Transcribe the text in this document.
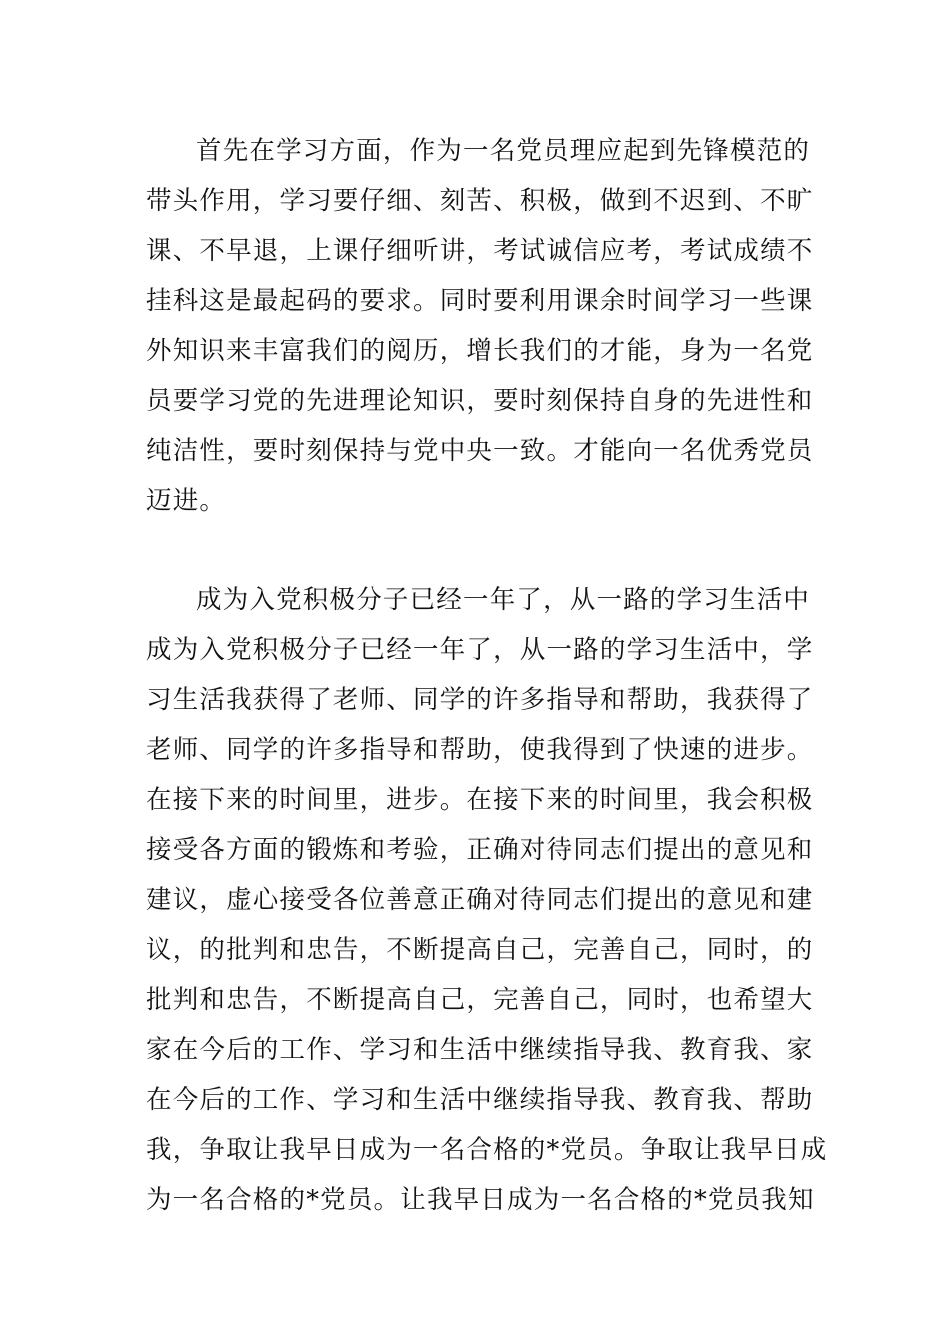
首先在学习方面，作为一名党员理应起到先锋模范的
带头作用，学习要仔细、刻苦、积极，做到不迟到、不旷
课、不早退，上课仔细听讲，考试诚信应考，考试成绩不
挂科这是最起码的要求。同时要利用课余时间学习一些课
外知识来丰富我们的阅历，增长我们的才能，身为一名党
员要学习党的先进理论知识，要时刻保持自身的先进性和
纯洁性，要时刻保持与党中央一致。才能向一名优秀党员
迈进。
成为入党积极分子已经一年了，从一路的学习生活中
成为入党积极分子已经一年了，从一路的学习生活中，学
习生活我获得了老师、同学的许多指导和帮助，我获得了
老师、同学的许多指导和帮助，使我得到了快速的进步。
在接下来的时间里，进步。在接下来的时间里，我会积极
接受各方面的锻炼和考验，正确对待同志们提出的意见和
建议，虚心接受各位善意正确对待同志们提出的意见和建
议，的批判和忠告，不断提高自己，完善自己，同时，的
批判和忠告，不断提高自己，完善自己，同时，也希望大
家在今后的工作、学习和生活中继续指导我、教育我、家
在今后的工作、学习和生活中继续指导我、教育我、帮助
我，争取让我早日成为一名合格的*党员。争取让我早日成
为一名合格的*党员。让我早日成为一名合格的*党员我知
